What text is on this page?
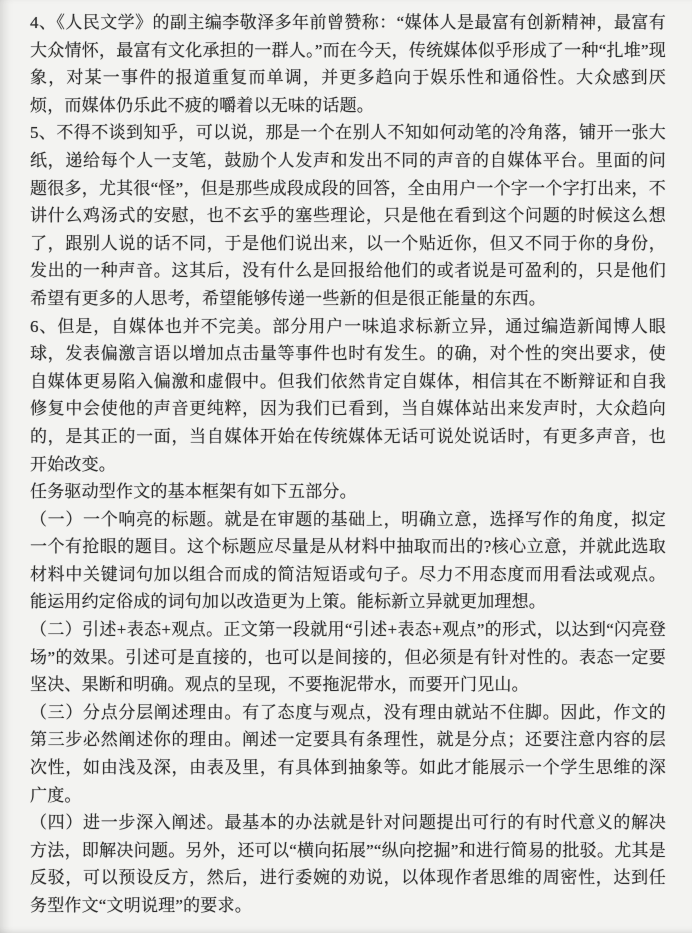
4、《人民文学》的副主编李敬泽多年前曾赞称：“媒体人是最富有创新精神，最富有大众情怀，最富有文化承担的一群人。”而在今天，传统媒体似乎形成了一种“扎堆”现象，对某一事件的报道重复而单调，并更多趋向于娱乐性和通俗性。大众感到厌烦，而媒体仍乐此不疲的嚼着以无味的话题。

5、不得不谈到知乎，可以说，那是一个在别人不知如何动笔的冷角落，铺开一张大纸，递给每个人一支笔，鼓励个人发声和发出不同的声音的自媒体平台。里面的问题很多，尤其很“怪”，但是那些成段成段的回答，全由用户一个字一个字打出来，不讲什么鸡汤式的安慰，也不玄乎的塞些理论，只是他在看到这个问题的时候这么想了，跟别人说的话不同，于是他们说出来，以一个贴近你，但又不同于你的身份，发出的一种声音。这其后，没有什么是回报给他们的或者说是可盈利的，只是他们希望有更多的人思考，希望能够传递一些新的但是很正能量的东西。

6、但是，自媒体也并不完美。部分用户一味追求标新立异，通过编造新闻博人眼球，发表偏激言语以增加点击量等事件也时有发生。的确，对个性的突出要求，使自媒体更易陷入偏激和虚假中。但我们依然肯定自媒体，相信其在不断辩证和自我修复中会使他的声音更纯粹，因为我们已看到，当自媒体站出来发声时，大众趋向的，是其正的一面，当自媒体开始在传统媒体无话可说处说话时，有更多声音，也开始改变。

任务驱动型作文的基本框架有如下五部分。

（一）一个响亮的标题。就是在审题的基础上，明确立意，选择写作的角度，拟定一个有抢眼的题目。这个标题应尽量是从材料中抽取而出的?核心立意，并就此选取材料中关键词句加以组合而成的简洁短语或句子。尽力不用态度而用看法或观点。能运用约定俗成的词句加以改造更为上策。能标新立异就更加理想。

（二）引述+表态+观点。正文第一段就用“引述+表态+观点”的形式，以达到“闪亮登场”的效果。引述可是直接的，也可以是间接的，但必须是有针对性的。表态一定要坚决、果断和明确。观点的呈现，不要拖泥带水，而要开门见山。

（三）分点分层阐述理由。有了态度与观点，没有理由就站不住脚。因此，作文的第三步必然阐述你的理由。阐述一定要具有条理性，就是分点；还要注意内容的层次性，如由浅及深，由表及里，有具体到抽象等。如此才能展示一个学生思维的深广度。

（四）进一步深入阐述。最基本的办法就是针对问题提出可行的有时代意义的解决方法，即解决问题。另外，还可以“横向拓展”“纵向挖掘”和进行简易的批驳。尤其是反驳，可以预设反方，然后，进行委婉的劝说，以体现作者思维的周密性，达到任务型作文“文明说理”的要求。
